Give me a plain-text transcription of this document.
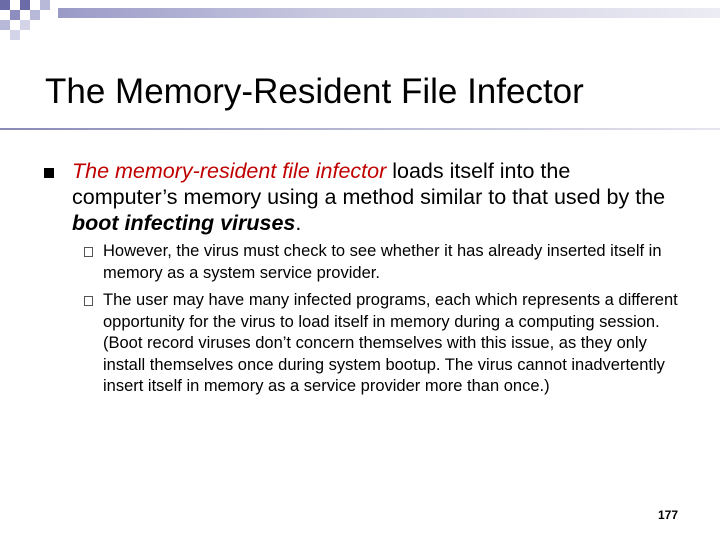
The Memory-Resident File Infector
The memory-resident file infector loads itself into the computer’s memory using a method similar to that used by the boot infecting viruses.
However, the virus must check to see whether it has already inserted itself in memory as a system service provider.
The user may have many infected programs, each which represents a different opportunity for the virus to load itself in memory during a computing session. (Boot record viruses don’t concern themselves with this issue, as they only install themselves once during system bootup. The virus cannot inadvertently insert itself in memory as a service provider more than once.)
177
